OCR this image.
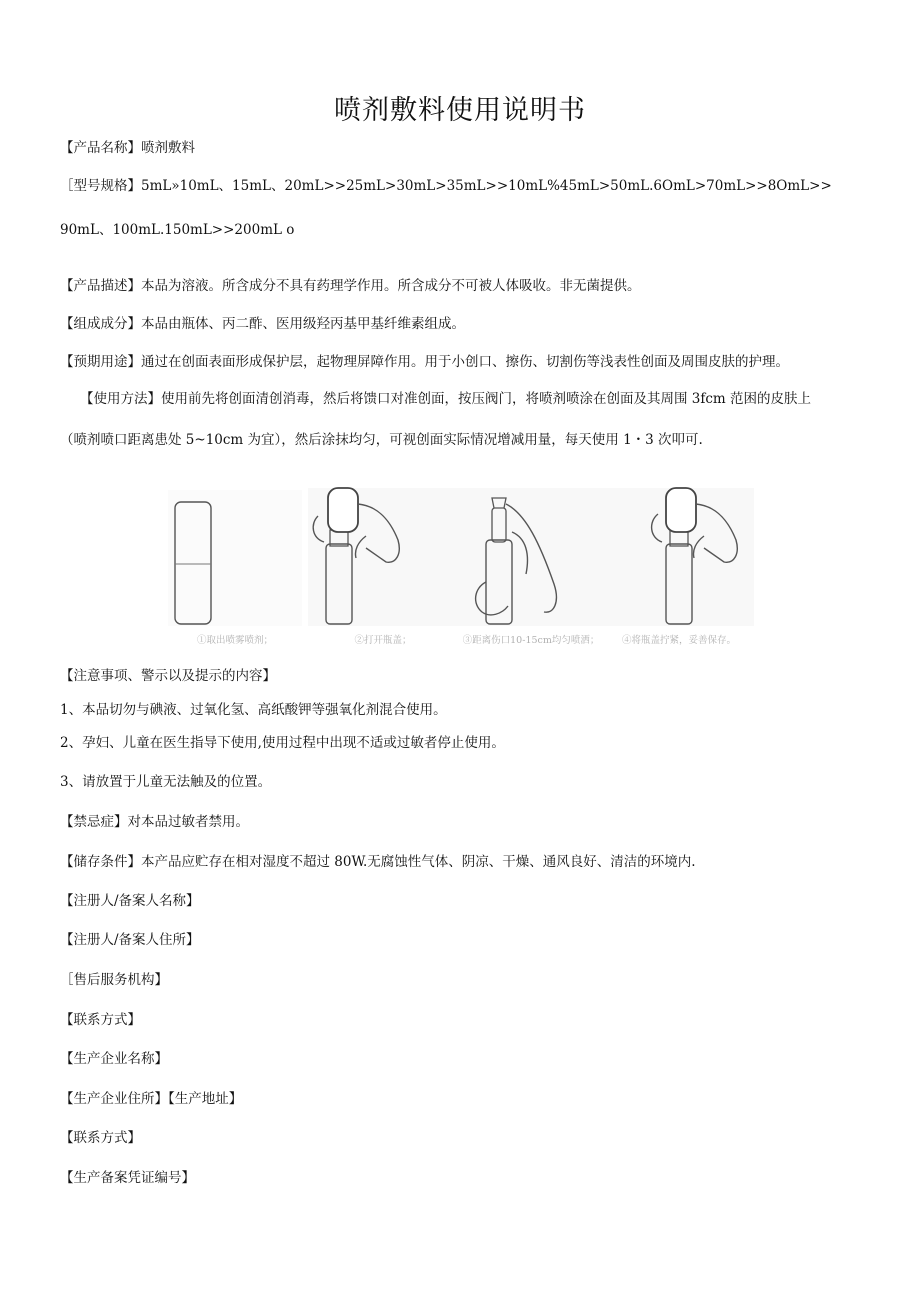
喷剂敷料使用说明书
【产品名称】喷剂敷料
［型号规格】5mL»10mL、15mL、20mL>>25mL>30mL>35mL>>10mL%45mL>50mL.6OmL>70mL>>8OmL>>
90mL、100mL.150mL>>200mL o
【产品描述】本品为溶液。所含成分不具有药理学作用。所含成分不可被人体吸收。非无菌提供。
【组成成分】本品由瓶体、丙二酢、医用级羟丙基甲基纤维素组成。
【预期用途】通过在创面表面形成保护层，起物理屏障作用。用于小创口、擦伤、切割伤等浅表性创面及周围皮肤的护理。
【使用方法】使用前先将创面清创消毒，然后将馈口对准创面，按压阀门，将喷剂喷涂在创面及其周围 3fcm 范困的皮肤上
（喷剂喷口距离患处 5~10cm 为宜），然后涂抹均匀，可视创面实际情况增减用量，每天使用 1・3 次叩可.
①取出喷雾喷剂；	②打开瓶盖；	③距离伤口10-15cm均匀喷洒；	④将瓶盖拧紧，妥善保存。
【注意事项、警示以及提示的内容】
1、本品切勿与碘液、过氧化氢、高纸酸钾等强氧化剂混合使用。
2、孕妇、儿童在医生指导下使用,使用过程中出现不适或过敏者停止使用。
3、请放置于儿童无法触及的位置。
【禁忌症】对本品过敏者禁用。
【储存条件】本产品应贮存在相对湿度不超过 80W.无腐蚀性气体、阴凉、干燥、通风良好、清洁的环境内.
【注册人/备案人名称】
【注册人/备案人住所】
［售后服务机构】
【联系方式】
【生产企业名称】
【生产企业住所】【生产地址】
【联系方式】
【生产备案凭证编号】
